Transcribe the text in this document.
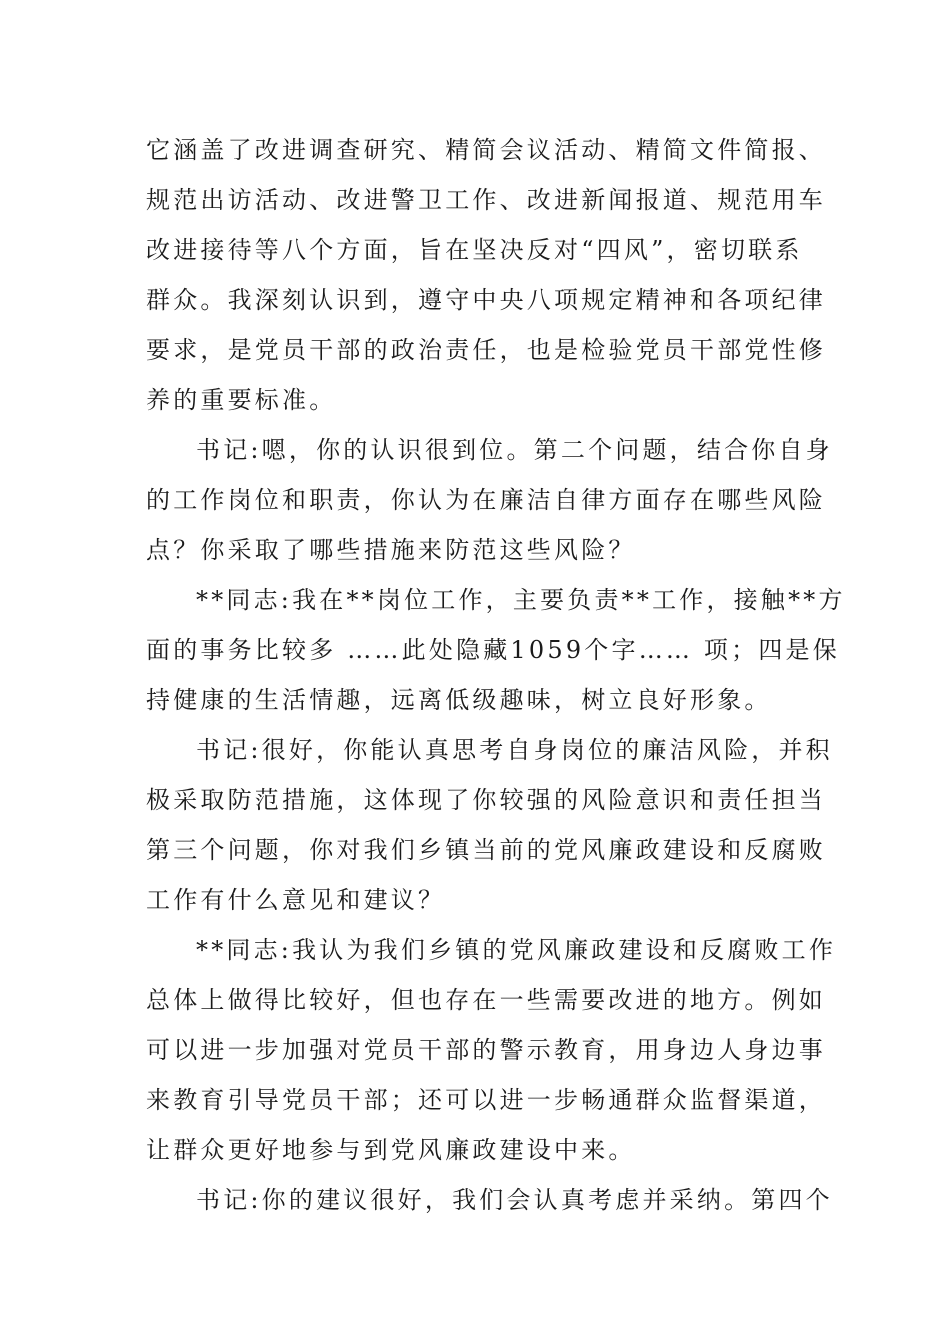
它涵盖了改进调查研究、精简会议活动、精简文件简报、
规范出访活动、改进警卫工作、改进新闻报道、规范用车
改进接待等八个方面，旨在坚决反对“四风”，密切联系
群众。我深刻认识到，遵守中央八项规定精神和各项纪律
要求，是党员干部的政治责任，也是检验党员干部党性修
养的重要标准。
书记:嗯，你的认识很到位。第二个问题，结合你自身
的工作岗位和职责，你认为在廉洁自律方面存在哪些风险
点？你采取了哪些措施来防范这些风险？
**同志:我在**岗位工作，主要负责**工作，接触**方
面的事务比较多 ……此处隐藏1059个字…… 项；四是保
持健康的生活情趣，远离低级趣味，树立良好形象。
书记:很好，你能认真思考自身岗位的廉洁风险，并积
极采取防范措施，这体现了你较强的风险意识和责任担当
第三个问题，你对我们乡镇当前的党风廉政建设和反腐败
工作有什么意见和建议？
**同志:我认为我们乡镇的党风廉政建设和反腐败工作
总体上做得比较好，但也存在一些需要改进的地方。例如
可以进一步加强对党员干部的警示教育，用身边人身边事
来教育引导党员干部；还可以进一步畅通群众监督渠道，
让群众更好地参与到党风廉政建设中来。
书记:你的建议很好，我们会认真考虑并采纳。第四个
